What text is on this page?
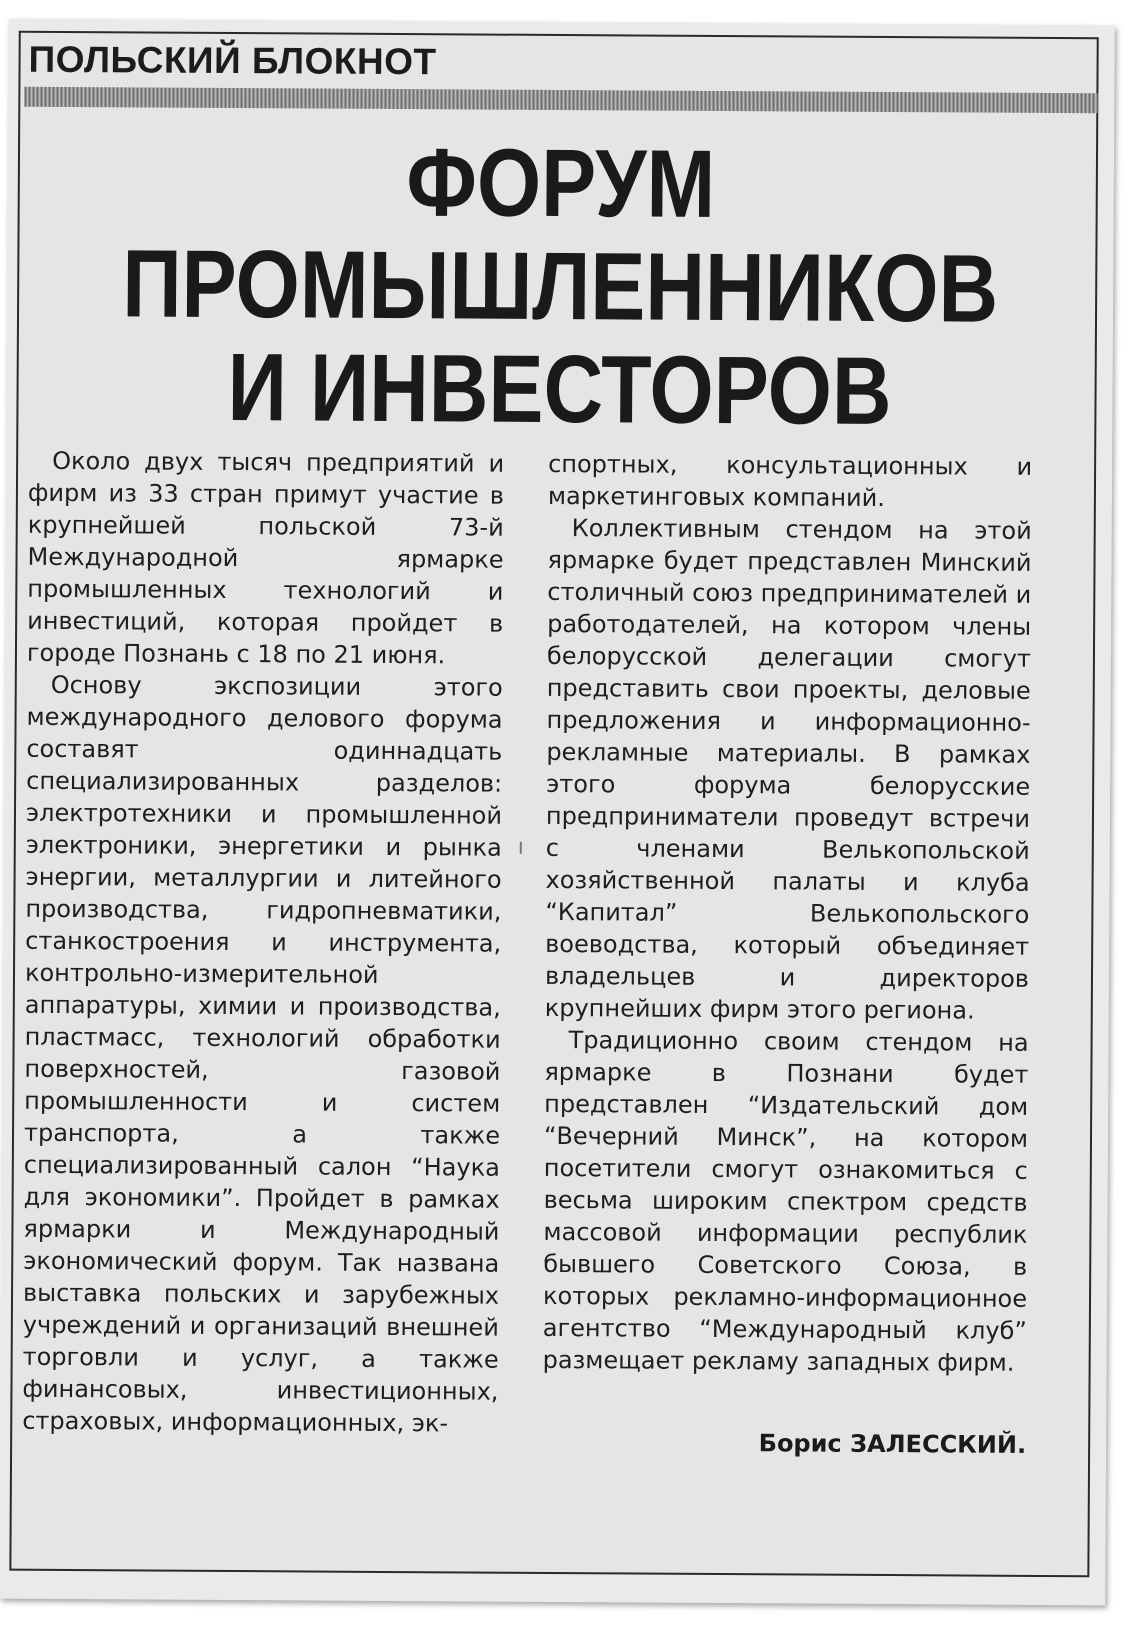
ПОЛЬСКИЙ БЛОКНОТ
ФОРУМ
ПРОМЫШЛЕННИКОВ
И ИНВЕСТОРОВ

Около двух тысяч предприятий и фирм из 33 стран примут участие в крупнейшей польской 73-й Международной ярмарке промышленных технологий и инвестиций, которая пройдет в городе Познань с 18 по 21 июня.

Основу экспозиции этого международного делового форума составят одиннадцать специализированных разделов: электротехники и промышленной электроники, энергетики и рынка энергии, металлургии и литейного производства, гидропневматики, станкостроения и инструмента, контрольно-измерительной аппаратуры, химии и производства, пластмасс, технологий обработки поверхностей, газовой промышленности и систем транспорта, а также специализированный салон “Наука для экономики”. Пройдет в рамках ярмарки и Международный экономический форум. Так названа выставка польских и зарубежных учреждений и организаций внешней торговли и услуг, а также финансовых, инвестиционных, страховых, информационных, эк-

спортных, консультационных и маркетинговых компаний.

Коллективным стендом на этой ярмарке будет представлен Минский столичный союз предпринимателей и работодателей, на котором члены белорусской делегации смогут представить свои проекты, деловые предложения и информационно-рекламные материалы. В рамках этого форума белорусские предприниматели проведут встречи с членами Велькопольской хозяйственной палаты и клуба “Капитал” Велькопольского воеводства, который объединяет владельцев и директоров крупнейших фирм этого региона.

Традиционно своим стендом на ярмарке в Познани будет представлен “Издательский дом “Вечерний Минск”, на котором посетители смогут ознакомиться с весьма широким спектром средств массовой информации республик бывшего Советского Союза, в которых рекламно-информационное агентство “Международный клуб” размещает рекламу западных фирм.

Борис ЗАЛЕССКИЙ.
